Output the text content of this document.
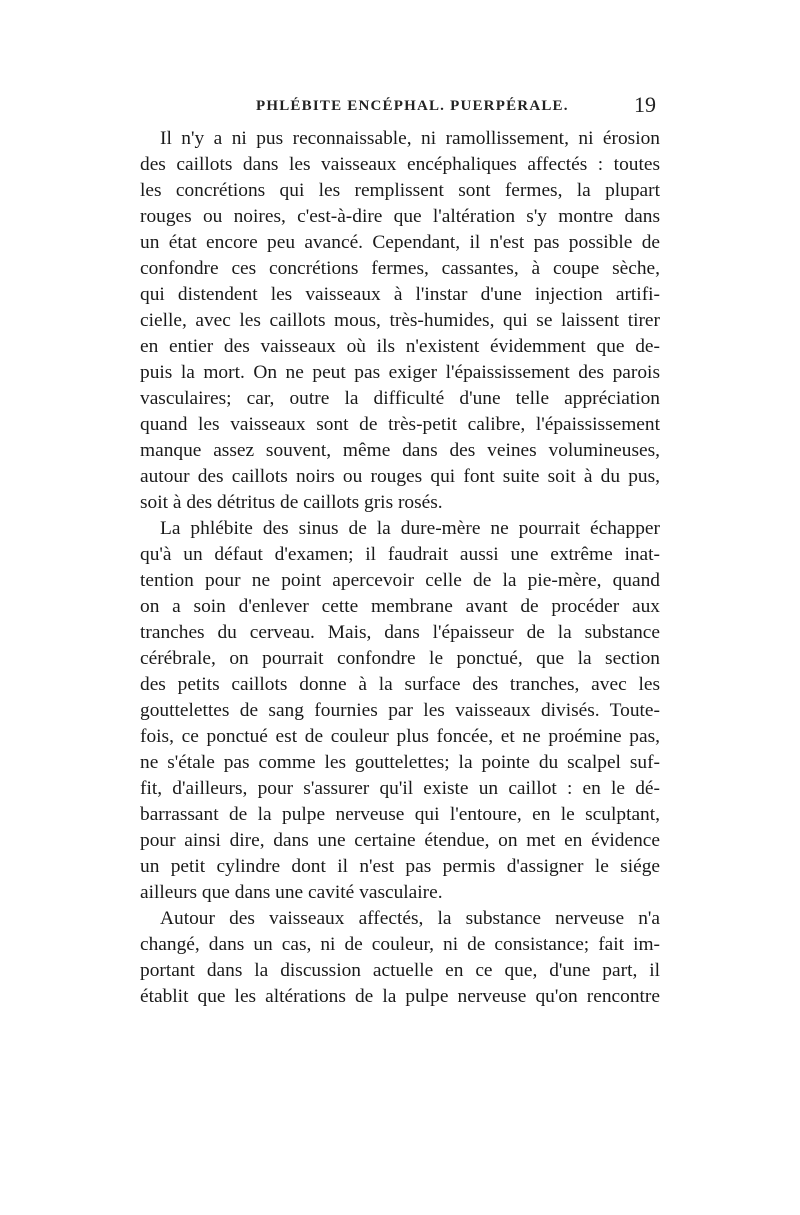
PHLÉBITE ENCÉPHAL. PUERPÉRALE.	19
Il n'y a ni pus reconnaissable, ni ramollissement, ni érosion
des caillots dans les vaisseaux encéphaliques affectés : toutes
les concrétions qui les remplissent sont fermes, la plupart
rouges ou noires, c'est-à-dire que l'altération s'y montre dans
un état encore peu avancé. Cependant, il n'est pas possible de
confondre ces concrétions fermes, cassantes, à coupe sèche,
qui distendent les vaisseaux à l'instar d'une injection artifi-
cielle, avec les caillots mous, très-humides, qui se laissent tirer
en entier des vaisseaux où ils n'existent évidemment que de-
puis la mort. On ne peut pas exiger l'épaississement des parois
vasculaires; car, outre la difficulté d'une telle appréciation
quand les vaisseaux sont de très-petit calibre, l'épaississement
manque assez souvent, même dans des veines volumineuses,
autour des caillots noirs ou rouges qui font suite soit à du pus,
soit à des détritus de caillots gris rosés.
La phlébite des sinus de la dure-mère ne pourrait échapper
qu'à un défaut d'examen; il faudrait aussi une extrême inat-
tention pour ne point apercevoir celle de la pie-mère, quand
on a soin d'enlever cette membrane avant de procéder aux
tranches du cerveau. Mais, dans l'épaisseur de la substance
cérébrale, on pourrait confondre le ponctué, que la section
des petits caillots donne à la surface des tranches, avec les
gouttelettes de sang fournies par les vaisseaux divisés. Toute-
fois, ce ponctué est de couleur plus foncée, et ne proémine pas,
ne s'étale pas comme les gouttelettes; la pointe du scalpel suf-
fit, d'ailleurs, pour s'assurer qu'il existe un caillot : en le dé-
barrassant de la pulpe nerveuse qui l'entoure, en le sculptant,
pour ainsi dire, dans une certaine étendue, on met en évidence
un petit cylindre dont il n'est pas permis d'assigner le siége
ailleurs que dans une cavité vasculaire.
Autour des vaisseaux affectés, la substance nerveuse n'a
changé, dans un cas, ni de couleur, ni de consistance; fait im-
portant dans la discussion actuelle en ce que, d'une part, il
établit que les altérations de la pulpe nerveuse qu'on rencontre
